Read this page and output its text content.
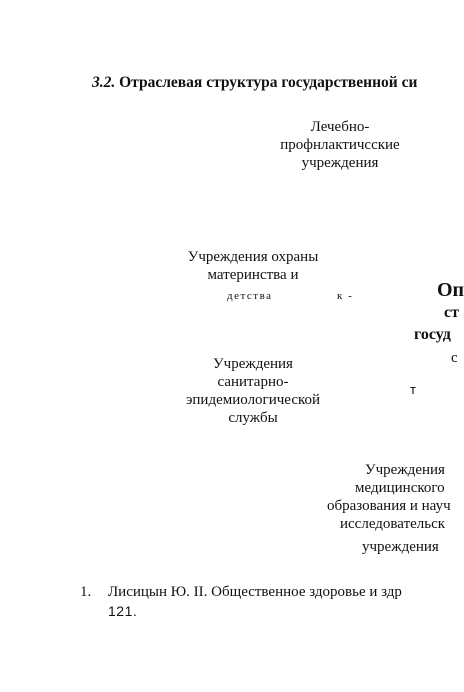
3.2. Отраслевая структура государственной си
Лечебно-
профнлактичсские
учреждения
Учреждения охраны
материнства и
детства	к -	Оп
ст
госуд
с
т
Учреждения
санитарно-
эпидемиологической
службы
Учреждения
медицинского
образования и науч
исследовательск
учреждения
1. Лисицын Ю. II. Общественное здоровье и здр
121.
